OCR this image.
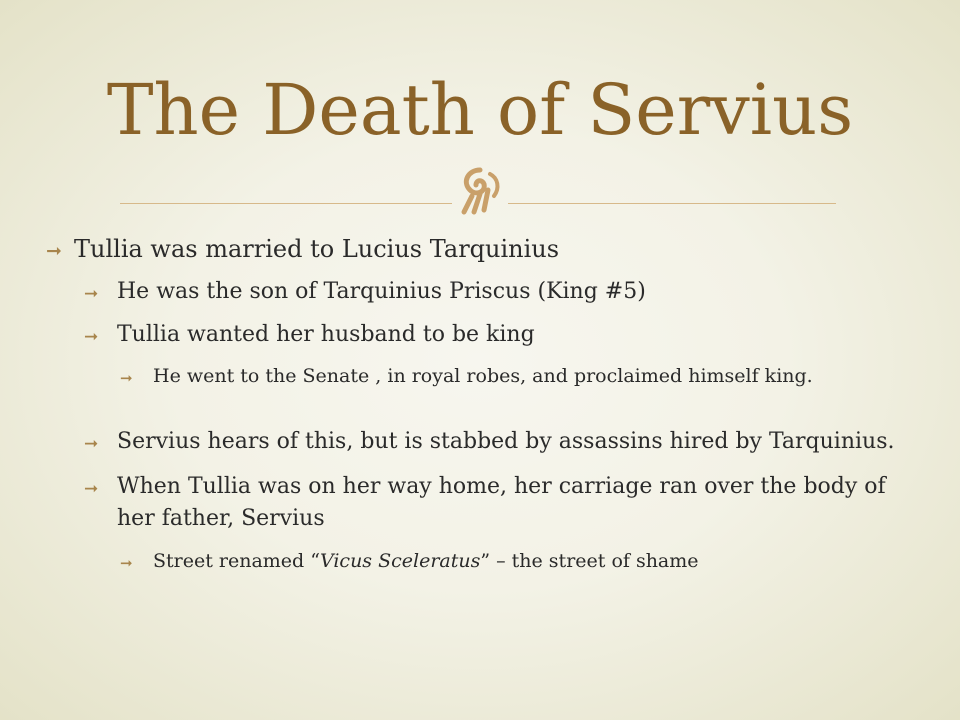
The Death of Servius
➞ Tullia was married to Lucius Tarquinius
➞ He was the son of Tarquinius Priscus (King #5)
➞ Tullia wanted her husband to be king
➞ He went to the Senate , in royal robes, and proclaimed himself king.
➞ Servius hears of this, but is stabbed by assassins hired by Tarquinius.
➞ When Tullia was on her way home, her carriage ran over the body of her father, Servius
➞ Street renamed “Vicus Sceleratus” – the street of shame
